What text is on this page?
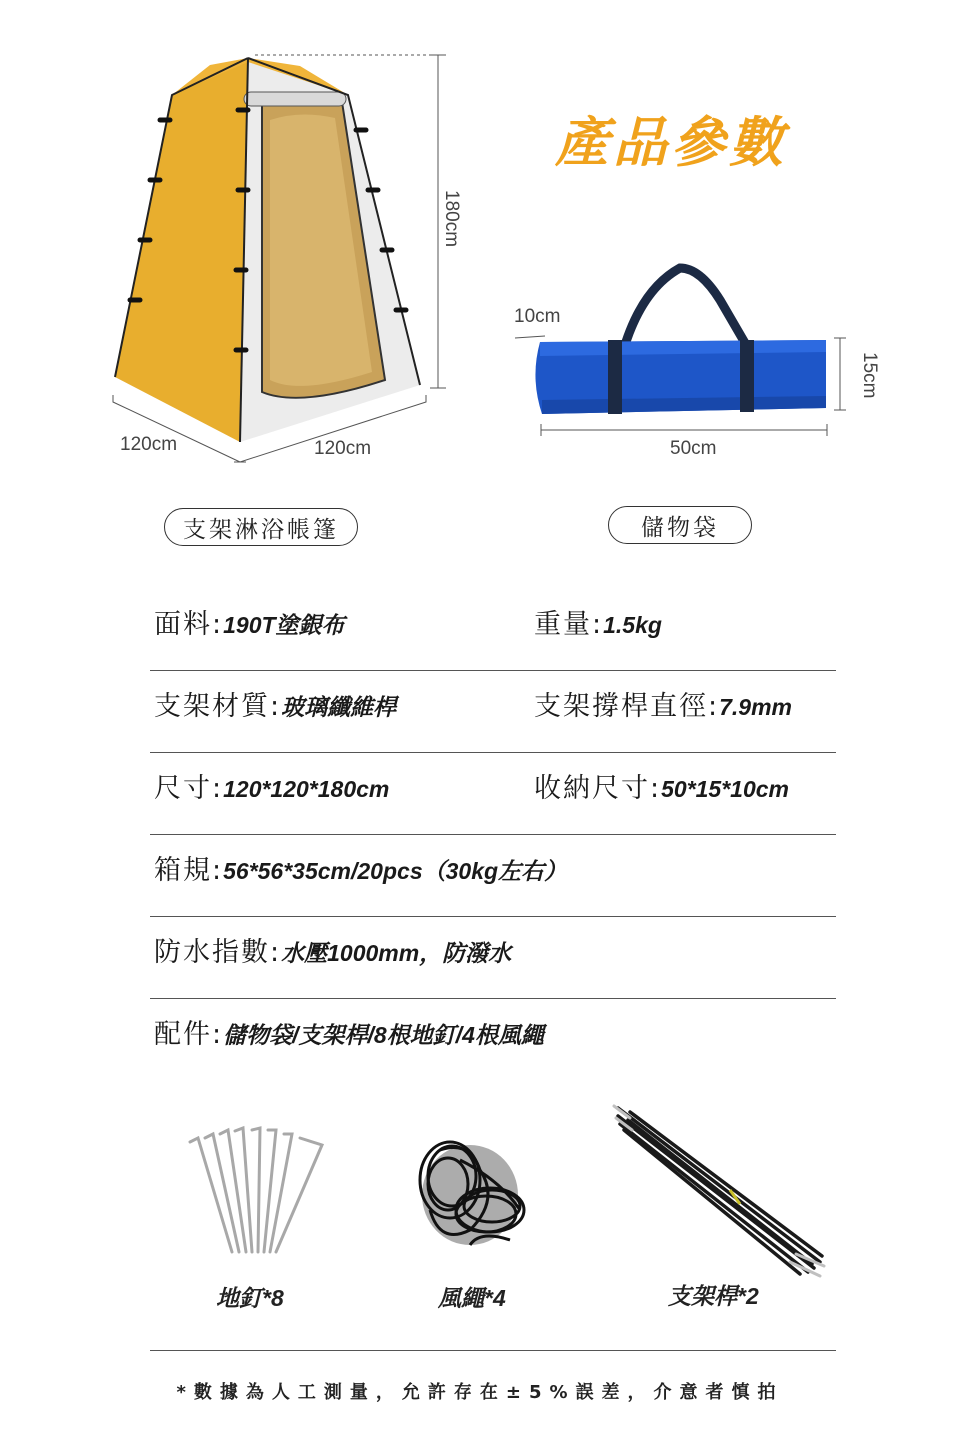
產品參數
120cm	120cm
180cm
10cm
15cm
50cm
支架淋浴帳篷	儲物袋
面料:190T塗銀布	重量:1.5kg
支架材質:玻璃纖維桿	支架撐桿直徑:7.9mm
尺寸:120*120*180cm	收納尺寸:50*15*10cm
箱規:56*56*35cm/20pcs（30kg左右）
防水指數:水壓1000mm，防潑水
配件:儲物袋/支架桿/8根地釘/4根風繩
地釘*8	風繩*4	支架桿*2
*數據為人工測量，允許存在±5%誤差，介意者慎拍
